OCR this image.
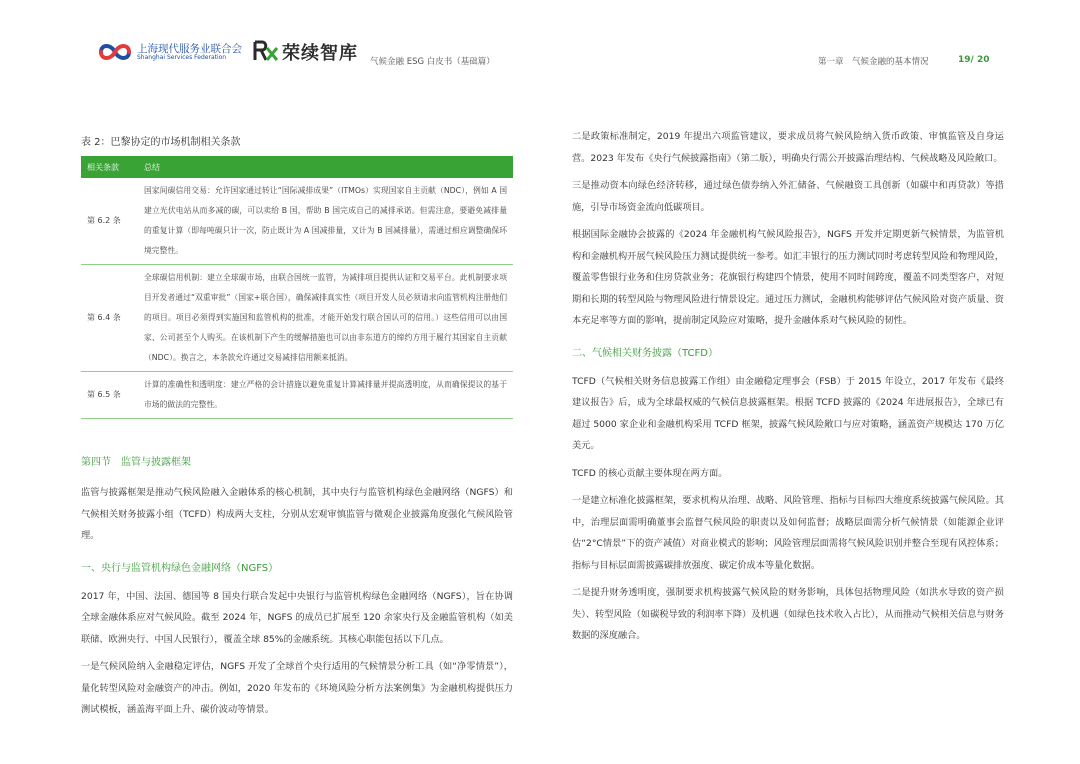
上海现代服务业联合会
Shanghai Services Federation	荣续智库 气候金融 ESG 白皮书（基础篇）	第一章　气候金融的基本情况	19/ 20
表 2：巴黎协定的市场机制相关条款
相关条款	总结
第 6.2 条	国家间碳信用交易：允许国家通过转让“国际减排成果”（ITMOs）实现国家自主贡献（NDC），例如 A 国建立光伏电站从而多减的碳，可以卖给 B 国，帮助 B 国完成自己的减排承诺。但需注意，要避免减排量的重复计算（即每吨碳只计一次，防止既计为 A 国减排量，又计为 B 国减排量），需通过相应调整确保环境完整性。
第 6.4 条	全球碳信用机制：建立全球碳市场，由联合国统一监管，为减排项目提供认证和交易平台。此机制要求项目开发者通过“双重审批”（国家+联合国），确保减排真实性（项目开发人员必须请求向监管机构注册他们的项目。项目必须得到实施国和监管机构的批准，才能开始发行联合国认可的信用。）这些信用可以由国家、公司甚至个人购买。在该机制下产生的缓解措施也可以由非东道方的缔约方用于履行其国家自主贡献（NDC）。换言之，本条款允许通过交易减排信用额来抵消。
第 6.5 条	计算的准确性和透明度：建立严格的会计措施以避免重复计算减排量并提高透明度，从而确保提议的基于市场的做法的完整性。
第四节　监管与披露框架

监管与披露框架是推动气候风险融入金融体系的核心机制，其中央行与监管机构绿色金融网络（NGFS）和气候相关财务披露小组（TCFD）构成两大支柱，分别从宏观审慎监管与微观企业披露角度强化气候风险管理。

一、央行与监管机构绿色金融网络（NGFS）

2017 年，中国、法国、德国等 8 国央行联合发起中央银行与监管机构绿色金融网络（NGFS），旨在协调全球金融体系应对气候风险。截至 2024 年，NGFS 的成员已扩展至 120 余家央行及金融监管机构（如美联储、欧洲央行、中国人民银行），覆盖全球 85%的金融系统。其核心职能包括以下几点。

一是气候风险纳入金融稳定评估，NGFS 开发了全球首个央行适用的气候情景分析工具（如“净零情景”），量化转型风险对金融资产的冲击。例如，2020 年发布的《环境风险分析方法案例集》为金融机构提供压力测试模板，涵盖海平面上升、碳价波动等情景。

二是政策标准制定，2019 年提出六项监管建议，要求成员将气候风险纳入货币政策、审慎监管及自身运营。2023 年发布《央行气候披露指南》（第二版），明确央行需公开披露治理结构、气候战略及风险敞口。

三是推动资本向绿色经济转移，通过绿色债券纳入外汇储备、气候融资工具创新（如碳中和再贷款）等措施，引导市场资金流向低碳项目。

根据国际金融协会披露的《2024 年金融机构气候风险报告》，NGFS 开发并定期更新气候情景，为监管机构和金融机构开展气候风险压力测试提供统一参考。如汇丰银行的压力测试同时考虑转型风险和物理风险，覆盖零售银行业务和住房贷款业务；花旗银行构建四个情景，使用不同时间跨度，覆盖不同类型客户，对短期和长期的转型风险与物理风险进行情景设定。通过压力测试，金融机构能够评估气候风险对资产质量、资本充足率等方面的影响，提前制定风险应对策略，提升金融体系对气候风险的韧性。

二、气候相关财务披露（TCFD）

TCFD（气候相关财务信息披露工作组）由金融稳定理事会（FSB）于 2015 年设立，2017 年发布《最终建议报告》后，成为全球最权威的气候信息披露框架。根据 TCFD 披露的《2024 年进展报告》，全球已有超过 5000 家企业和金融机构采用 TCFD 框架，披露气候风险敞口与应对策略，涵盖资产规模达 170 万亿美元。

TCFD 的核心贡献主要体现在两方面。

一是建立标准化披露框架，要求机构从治理、战略、风险管理、指标与目标四大维度系统披露气候风险。其中，治理层面需明确董事会监督气候风险的职责以及如何监督；战略层面需分析气候情景（如能源企业评估“2°C情景”下的资产减值）对商业模式的影响；风险管理层面需将气候风险识别并整合至现有风控体系；指标与目标层面需披露碳排放强度、碳定价成本等量化数据。

二是提升财务透明度，强制要求机构披露气候风险的财务影响，具体包括物理风险（如洪水导致的资产损失）、转型风险（如碳税导致的利润率下降）及机遇（如绿色技术收入占比），从而推动气候相关信息与财务数据的深度融合。
